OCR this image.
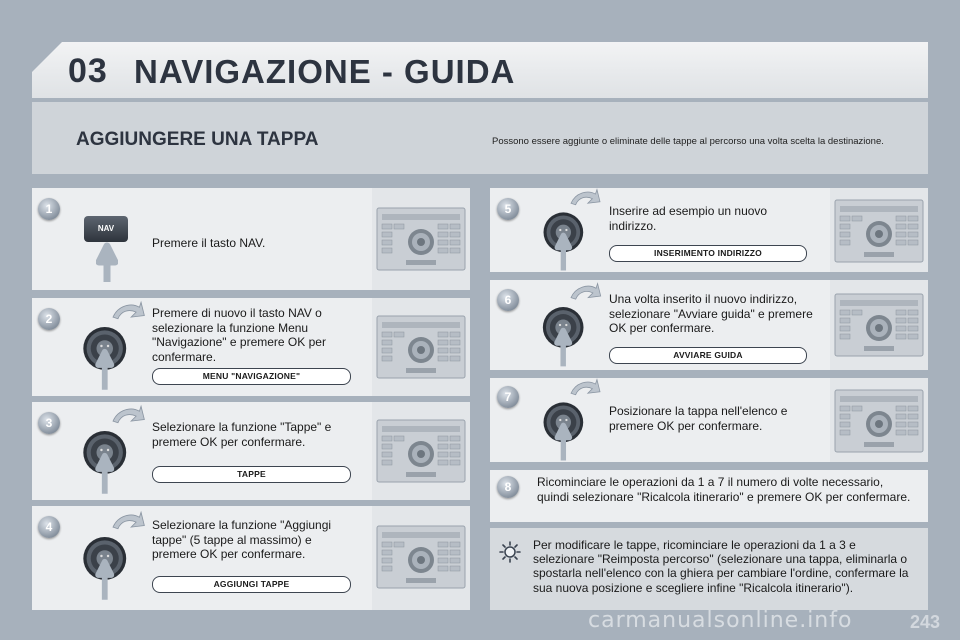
03 NAVIGAZIONE - GUIDA
AGGIUNGERE UNA TAPPA	Possono essere aggiunte o eliminate delle tappe al percorso una volta scelta la destinazione.
1
NAV
Premere il tasto NAV.
2	Premere di nuovo il tasto NAV o selezionare la funzione Menu "Navigazione" e premere OK per confermare.
MENU "NAVIGAZIONE"
3	Selezionare la funzione "Tappe" e premere OK per confermare.
TAPPE
4	Selezionare la funzione "Aggiungi tappe" (5 tappe al massimo) e premere OK per confermare.
AGGIUNGI TAPPE
5	Inserire ad esempio un nuovo indirizzo.
INSERIMENTO INDIRIZZO
6	Una volta inserito il nuovo indirizzo, selezionare "Avviare guida" e premere OK per confermare.
AVVIARE GUIDA
7
Posizionare la tappa nell'elenco e premere OK per confermare.
8	Ricominciare le operazioni da 1 a 7 il numero di volte necessario, quindi selezionare "Ricalcola itinerario" e premere OK per confermare.
Per modificare le tappe, ricominciare le operazioni da 1 a 3 e selezionare "Reimposta percorso" (selezionare una tappa, eliminarla o spostarla nell'elenco con la ghiera per cambiare l'ordine, confermare la sua nuova posizione e scegliere infine "Ricalcola itinerario").
carmanualsonline.info	243
